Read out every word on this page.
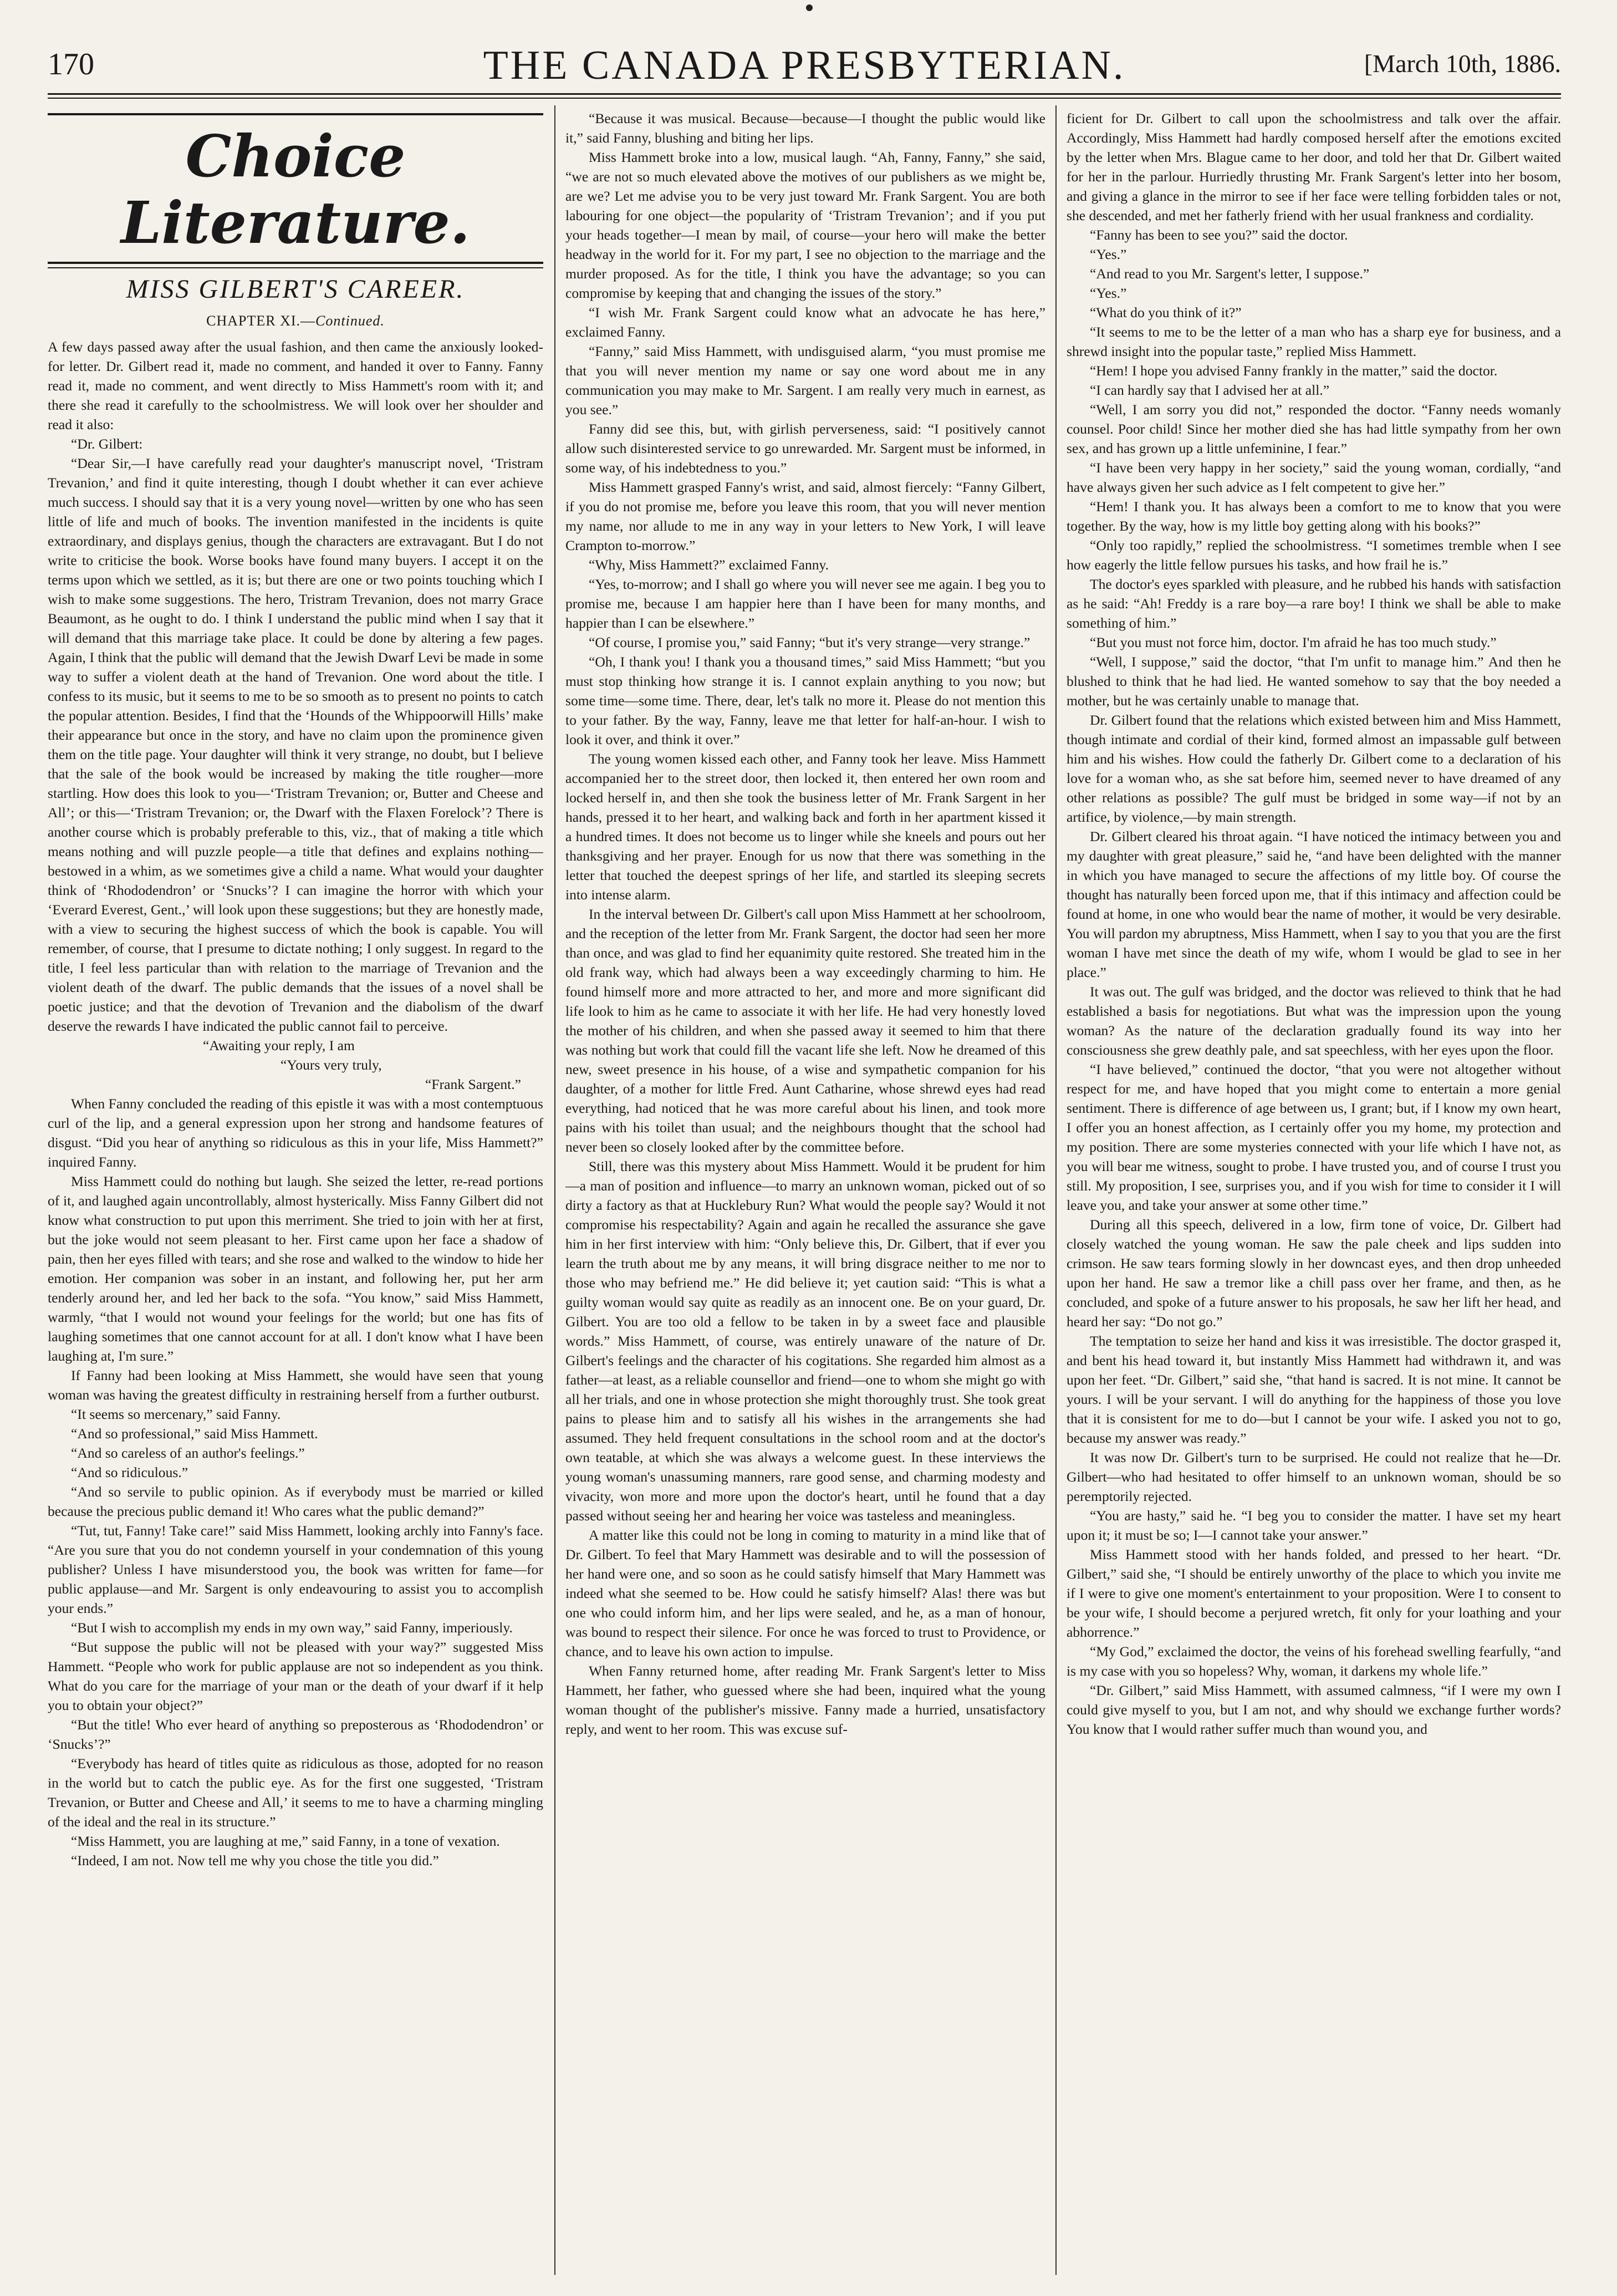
170	THE CANADA PRESBYTERIAN.	[March 10th, 1886.
Choice Literature.
MISS GILBERT'S CAREER.
CHAPTER XI.—Continued.

A few days passed away after the usual fashion, and then came the anxiously looked-for letter. Dr. Gilbert read it, made no comment, and handed it over to Fanny. Fanny read it, made no comment, and went directly to Miss Hammett's room with it; and there she read it carefully to the schoolmistress. We will look over her shoulder and read it also:

“Dr. Gilbert:

“Dear Sir,—I have carefully read your daughter's manuscript novel, ‘Tristram Trevanion,’ and find it quite interesting, though I doubt whether it can ever achieve much success. I should say that it is a very young novel—written by one who has seen little of life and much of books. The invention manifested in the incidents is quite extraordinary, and displays genius, though the characters are extravagant. But I do not write to criticise the book. Worse books have found many buyers. I accept it on the terms upon which we settled, as it is; but there are one or two points touching which I wish to make some suggestions. The hero, Tristram Trevanion, does not marry Grace Beaumont, as he ought to do. I think I understand the public mind when I say that it will demand that this marriage take place. It could be done by altering a few pages. Again, I think that the public will demand that the Jewish Dwarf Levi be made in some way to suffer a violent death at the hand of Trevanion. One word about the title. I confess to its music, but it seems to me to be so smooth as to present no points to catch the popular attention. Besides, I find that the ‘Hounds of the Whippoorwill Hills’ make their appearance but once in the story, and have no claim upon the prominence given them on the title page. Your daughter will think it very strange, no doubt, but I believe that the sale of the book would be increased by making the title rougher—more startling. How does this look to you—‘Tristram Trevanion; or, Butter and Cheese and All’; or this—‘Tristram Trevanion; or, the Dwarf with the Flaxen Forelock’? There is another course which is probably preferable to this, viz., that of making a title which means nothing and will puzzle people—a title that defines and explains nothing—bestowed in a whim, as we sometimes give a child a name. What would your daughter think of ‘Rhododendron’ or ‘Snucks’? I can imagine the horror with which your ‘Everard Everest, Gent.,’ will look upon these suggestions; but they are honestly made, with a view to securing the highest success of which the book is capable. You will remember, of course, that I presume to dictate nothing; I only suggest. In regard to the title, I feel less particular than with relation to the marriage of Trevanion and the violent death of the dwarf. The public demands that the issues of a novel shall be poetic justice; and that the devotion of Trevanion and the diabolism of the dwarf deserve the rewards I have indicated the public cannot fail to perceive.

“Awaiting your reply, I am

“Yours very truly,

“Frank Sargent.”

When Fanny concluded the reading of this epistle it was with a most contemptuous curl of the lip, and a general expression upon her strong and handsome features of disgust. “Did you hear of anything so ridiculous as this in your life, Miss Hammett?” inquired Fanny.

Miss Hammett could do nothing but laugh. She seized the letter, re-read portions of it, and laughed again uncontrollably, almost hysterically. Miss Fanny Gilbert did not know what construction to put upon this merriment. She tried to join with her at first, but the joke would not seem pleasant to her. First came upon her face a shadow of pain, then her eyes filled with tears; and she rose and walked to the window to hide her emotion. Her companion was sober in an instant, and following her, put her arm tenderly around her, and led her back to the sofa. “You know,” said Miss Hammett, warmly, “that I would not wound your feelings for the world; but one has fits of laughing sometimes that one cannot account for at all. I don't know what I have been laughing at, I'm sure.”

If Fanny had been looking at Miss Hammett, she would have seen that young woman was having the greatest difficulty in restraining herself from a further outburst.

“It seems so mercenary,” said Fanny.

“And so professional,” said Miss Hammett.

“And so careless of an author's feelings.”

“And so ridiculous.”

“And so servile to public opinion. As if everybody must be married or killed because the precious public demand it! Who cares what the public demand?”

“Tut, tut, Fanny! Take care!” said Miss Hammett, looking archly into Fanny's face. “Are you sure that you do not condemn yourself in your condemnation of this young publisher? Unless I have misunderstood you, the book was written for fame—for public applause—and Mr. Sargent is only endeavouring to assist you to accomplish your ends.”

“But I wish to accomplish my ends in my own way,” said Fanny, imperiously.

“But suppose the public will not be pleased with your way?” suggested Miss Hammett. “People who work for public applause are not so independent as you think. What do you care for the marriage of your man or the death of your dwarf if it help you to obtain your object?”

“But the title! Who ever heard of anything so preposterous as ‘Rhododendron’ or ‘Snucks’?”

“Everybody has heard of titles quite as ridiculous as those, adopted for no reason in the world but to catch the public eye. As for the first one suggested, ‘Tristram Trevanion, or Butter and Cheese and All,’ it seems to me to have a charming mingling of the ideal and the real in its structure.”

“Miss Hammett, you are laughing at me,” said Fanny, in a tone of vexation.

“Indeed, I am not. Now tell me why you chose the title you did.”

“Because it was musical. Because—because—I thought the public would like it,” said Fanny, blushing and biting her lips.

Miss Hammett broke into a low, musical laugh. “Ah, Fanny, Fanny,” she said, “we are not so much elevated above the motives of our publishers as we might be, are we? Let me advise you to be very just toward Mr. Frank Sargent. You are both labouring for one object—the popularity of ‘Tristram Trevanion’; and if you put your heads together—I mean by mail, of course—your hero will make the better headway in the world for it. For my part, I see no objection to the marriage and the murder proposed. As for the title, I think you have the advantage; so you can compromise by keeping that and changing the issues of the story.”

“I wish Mr. Frank Sargent could know what an advocate he has here,” exclaimed Fanny.

“Fanny,” said Miss Hammett, with undisguised alarm, “you must promise me that you will never mention my name or say one word about me in any communication you may make to Mr. Sargent. I am really very much in earnest, as you see.”

Fanny did see this, but, with girlish perverseness, said: “I positively cannot allow such disinterested service to go unrewarded. Mr. Sargent must be informed, in some way, of his indebtedness to you.”

Miss Hammett grasped Fanny's wrist, and said, almost fiercely: “Fanny Gilbert, if you do not promise me, before you leave this room, that you will never mention my name, nor allude to me in any way in your letters to New York, I will leave Crampton to-morrow.”

“Why, Miss Hammett?” exclaimed Fanny.

“Yes, to-morrow; and I shall go where you will never see me again. I beg you to promise me, because I am happier here than I have been for many months, and happier than I can be elsewhere.”

“Of course, I promise you,” said Fanny; “but it's very strange—very strange.”

“Oh, I thank you! I thank you a thousand times,” said Miss Hammett; “but you must stop thinking how strange it is. I cannot explain anything to you now; but some time—some time. There, dear, let's talk no more it. Please do not mention this to your father. By the way, Fanny, leave me that letter for half-an-hour. I wish to look it over, and think it over.”

The young women kissed each other, and Fanny took her leave. Miss Hammett accompanied her to the street door, then locked it, then entered her own room and locked herself in, and then she took the business letter of Mr. Frank Sargent in her hands, pressed it to her heart, and walking back and forth in her apartment kissed it a hundred times. It does not become us to linger while she kneels and pours out her thanksgiving and her prayer. Enough for us now that there was something in the letter that touched the deepest springs of her life, and startled its sleeping secrets into intense alarm.

In the interval between Dr. Gilbert's call upon Miss Hammett at her schoolroom, and the reception of the letter from Mr. Frank Sargent, the doctor had seen her more than once, and was glad to find her equanimity quite restored. She treated him in the old frank way, which had always been a way exceedingly charming to him. He found himself more and more attracted to her, and more and more significant did life look to him as he came to associate it with her life. He had very honestly loved the mother of his children, and when she passed away it seemed to him that there was nothing but work that could fill the vacant life she left. Now he dreamed of this new, sweet presence in his house, of a wise and sympathetic companion for his daughter, of a mother for little Fred. Aunt Catharine, whose shrewd eyes had read everything, had noticed that he was more careful about his linen, and took more pains with his toilet than usual; and the neighbours thought that the school had never been so closely looked after by the committee before.

Still, there was this mystery about Miss Hammett. Would it be prudent for him—a man of position and influence—to marry an unknown woman, picked out of so dirty a factory as that at Hucklebury Run? What would the people say? Would it not compromise his respectability? Again and again he recalled the assurance she gave him in her first interview with him: “Only believe this, Dr. Gilbert, that if ever you learn the truth about me by any means, it will bring disgrace neither to me nor to those who may befriend me.” He did believe it; yet caution said: “This is what a guilty woman would say quite as readily as an innocent one. Be on your guard, Dr. Gilbert. You are too old a fellow to be taken in by a sweet face and plausible words.” Miss Hammett, of course, was entirely unaware of the nature of Dr. Gilbert's feelings and the character of his cogitations. She regarded him almost as a father—at least, as a reliable counsellor and friend—one to whom she might go with all her trials, and one in whose protection she might thoroughly trust. She took great pains to please him and to satisfy all his wishes in the arrangements she had assumed. They held frequent consultations in the school room and at the doctor's own teatable, at which she was always a welcome guest. In these interviews the young woman's unassuming manners, rare good sense, and charming modesty and vivacity, won more and more upon the doctor's heart, until he found that a day passed without seeing her and hearing her voice was tasteless and meaningless.

A matter like this could not be long in coming to maturity in a mind like that of Dr. Gilbert. To feel that Mary Hammett was desirable and to will the possession of her hand were one, and so soon as he could satisfy himself that Mary Hammett was indeed what she seemed to be. How could he satisfy himself? Alas! there was but one who could inform him, and her lips were sealed, and he, as a man of honour, was bound to respect their silence. For once he was forced to trust to Providence, or chance, and to leave his own action to impulse.

When Fanny returned home, after reading Mr. Frank Sargent's letter to Miss Hammett, her father, who guessed where she had been, inquired what the young woman thought of the publisher's missive. Fanny made a hurried, unsatisfactory reply, and went to her room. This was excuse suf-

ficient for Dr. Gilbert to call upon the schoolmistress and talk over the affair. Accordingly, Miss Hammett had hardly composed herself after the emotions excited by the letter when Mrs. Blague came to her door, and told her that Dr. Gilbert waited for her in the parlour. Hurriedly thrusting Mr. Frank Sargent's letter into her bosom, and giving a glance in the mirror to see if her face were telling forbidden tales or not, she descended, and met her fatherly friend with her usual frankness and cordiality.

“Fanny has been to see you?” said the doctor.

“Yes.”

“And read to you Mr. Sargent's letter, I suppose.”

“Yes.”

“What do you think of it?”

“It seems to me to be the letter of a man who has a sharp eye for business, and a shrewd insight into the popular taste,” replied Miss Hammett.

“Hem! I hope you advised Fanny frankly in the matter,” said the doctor.

“I can hardly say that I advised her at all.”

“Well, I am sorry you did not,” responded the doctor. “Fanny needs womanly counsel. Poor child! Since her mother died she has had little sympathy from her own sex, and has grown up a little unfeminine, I fear.”

“I have been very happy in her society,” said the young woman, cordially, “and have always given her such advice as I felt competent to give her.”

“Hem! I thank you. It has always been a comfort to me to know that you were together. By the way, how is my little boy getting along with his books?”

“Only too rapidly,” replied the schoolmistress. “I sometimes tremble when I see how eagerly the little fellow pursues his tasks, and how frail he is.”

The doctor's eyes sparkled with pleasure, and he rubbed his hands with satisfaction as he said: “Ah! Freddy is a rare boy—a rare boy! I think we shall be able to make something of him.”

“But you must not force him, doctor. I'm afraid he has too much study.”

“Well, I suppose,” said the doctor, “that I'm unfit to manage him.” And then he blushed to think that he had lied. He wanted somehow to say that the boy needed a mother, but he was certainly unable to manage that.

Dr. Gilbert found that the relations which existed between him and Miss Hammett, though intimate and cordial of their kind, formed almost an impassable gulf between him and his wishes. How could the fatherly Dr. Gilbert come to a declaration of his love for a woman who, as she sat before him, seemed never to have dreamed of any other relations as possible? The gulf must be bridged in some way—if not by an artifice, by violence,—by main strength.

Dr. Gilbert cleared his throat again. “I have noticed the intimacy between you and my daughter with great pleasure,” said he, “and have been delighted with the manner in which you have managed to secure the affections of my little boy. Of course the thought has naturally been forced upon me, that if this intimacy and affection could be found at home, in one who would bear the name of mother, it would be very desirable. You will pardon my abruptness, Miss Hammett, when I say to you that you are the first woman I have met since the death of my wife, whom I would be glad to see in her place.”

It was out. The gulf was bridged, and the doctor was relieved to think that he had established a basis for negotiations. But what was the impression upon the young woman? As the nature of the declaration gradually found its way into her consciousness she grew deathly pale, and sat speechless, with her eyes upon the floor.

“I have believed,” continued the doctor, “that you were not altogether without respect for me, and have hoped that you might come to entertain a more genial sentiment. There is difference of age between us, I grant; but, if I know my own heart, I offer you an honest affection, as I certainly offer you my home, my protection and my position. There are some mysteries connected with your life which I have not, as you will bear me witness, sought to probe. I have trusted you, and of course I trust you still. My proposition, I see, surprises you, and if you wish for time to consider it I will leave you, and take your answer at some other time.”

During all this speech, delivered in a low, firm tone of voice, Dr. Gilbert had closely watched the young woman. He saw the pale cheek and lips sudden into crimson. He saw tears forming slowly in her downcast eyes, and then drop unheeded upon her hand. He saw a tremor like a chill pass over her frame, and then, as he concluded, and spoke of a future answer to his proposals, he saw her lift her head, and heard her say: “Do not go.”

The temptation to seize her hand and kiss it was irresistible. The doctor grasped it, and bent his head toward it, but instantly Miss Hammett had withdrawn it, and was upon her feet. “Dr. Gilbert,” said she, “that hand is sacred. It is not mine. It cannot be yours. I will be your servant. I will do anything for the happiness of those you love that it is consistent for me to do—but I cannot be your wife. I asked you not to go, because my answer was ready.”

It was now Dr. Gilbert's turn to be surprised. He could not realize that he—Dr. Gilbert—who had hesitated to offer himself to an unknown woman, should be so peremptorily rejected.

“You are hasty,” said he. “I beg you to consider the matter. I have set my heart upon it; it must be so; I—I cannot take your answer.”

Miss Hammett stood with her hands folded, and pressed to her heart. “Dr. Gilbert,” said she, “I should be entirely unworthy of the place to which you invite me if I were to give one moment's entertainment to your proposition. Were I to consent to be your wife, I should become a perjured wretch, fit only for your loathing and your abhorrence.”

“My God,” exclaimed the doctor, the veins of his forehead swelling fearfully, “and is my case with you so hopeless? Why, woman, it darkens my whole life.”

“Dr. Gilbert,” said Miss Hammett, with assumed calmness, “if I were my own I could give myself to you, but I am not, and why should we exchange further words? You know that I would rather suffer much than wound you, and
